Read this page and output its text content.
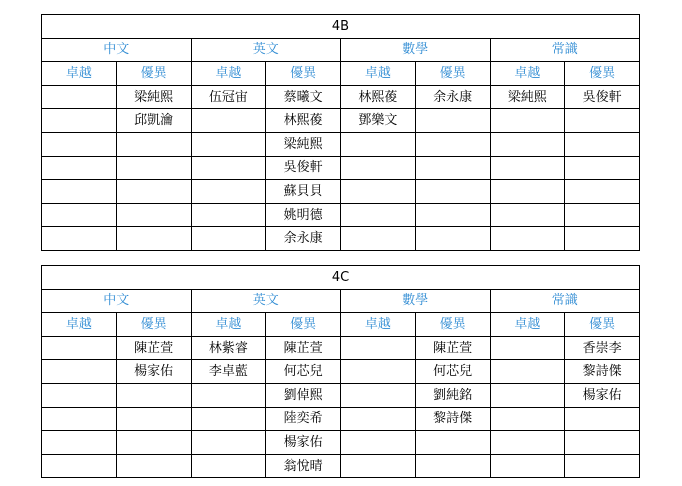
4B							
中文		英文		數學		常識	
卓越	優異	卓越	優異	卓越	優異	卓越	優異
	梁純熙	伍冠宙	蔡曦文	林熙葰	余永康	梁純熙	吳俊軒
	邱凱瀹		林熙葰	鄧樂文			
			梁純熙				
			吳俊軒				
			蘇貝貝				
			姚明德				
			余永康				
4C							
中文		英文		數學		常識	
卓越	優異	卓越	優異	卓越	優異	卓越	優異
	陳芷萱	林紫睿	陳芷萱		陳芷萱		香崇李
	楊家佑	李卓藍	何芯兒		何芯兒		黎詩傑
			劉倬熙		劉純銘		楊家佑
			陸奕希		黎詩傑		
			楊家佑				
			翁悅晴				
